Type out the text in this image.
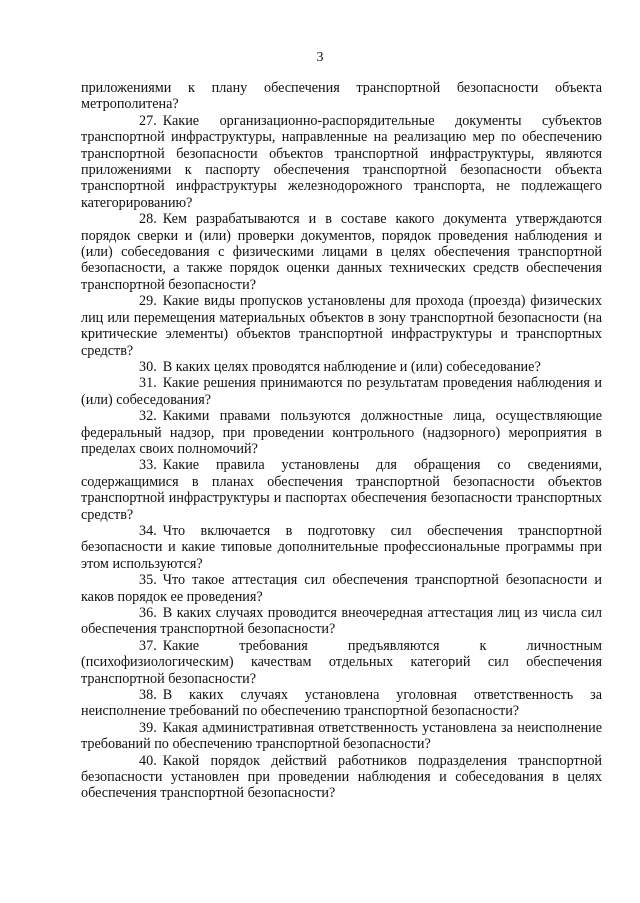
3

приложениями к плану обеспечения транспортной безопасности объекта метрополитена?

27. Какие организационно-распорядительные документы субъектов транспортной инфраструктуры, направленные на реализацию мер по обеспечению транспортной безопасности объектов транспортной инфраструктуры, являются приложениями к паспорту обеспечения транспортной безопасности объекта транспортной инфраструктуры железнодорожного транспорта, не подлежащего категорированию?

28. Кем разрабатываются и в составе какого документа утверждаются порядок сверки и (или) проверки документов, порядок проведения наблюдения и (или) собеседования с физическими лицами в целях обеспечения транспортной безопасности, а также порядок оценки данных технических средств обеспечения транспортной безопасности?

29. Какие виды пропусков установлены для прохода (проезда) физических лиц или перемещения материальных объектов в зону транспортной безопасности (на критические элементы) объектов транспортной инфраструктуры и транспортных средств?

30. В каких целях проводятся наблюдение и (или) собеседование?

31. Какие решения принимаются по результатам проведения наблюдения и (или) собеседования?

32. Какими правами пользуются должностные лица, осуществляющие федеральный надзор, при проведении контрольного (надзорного) мероприятия в пределах своих полномочий?

33. Какие правила установлены для обращения со сведениями, содержащимися в планах обеспечения транспортной безопасности объектов транспортной инфраструктуры и паспортах обеспечения безопасности транспортных средств?

34. Что включается в подготовку сил обеспечения транспортной безопасности и какие типовые дополнительные профессиональные программы при этом используются?

35. Что такое аттестация сил обеспечения транспортной безопасности и каков порядок ее проведения?

36. В каких случаях проводится внеочередная аттестация лиц из числа сил обеспечения транспортной безопасности?

37. Какие требования предъявляются к личностным (психофизиологическим) качествам отдельных категорий сил обеспечения транспортной безопасности?

38. В каких случаях установлена уголовная ответственность за неисполнение требований по обеспечению транспортной безопасности?

39. Какая административная ответственность установлена за неисполнение требований по обеспечению транспортной безопасности?

40. Какой порядок действий работников подразделения транспортной безопасности установлен при проведении наблюдения и собеседования в целях обеспечения транспортной безопасности?
